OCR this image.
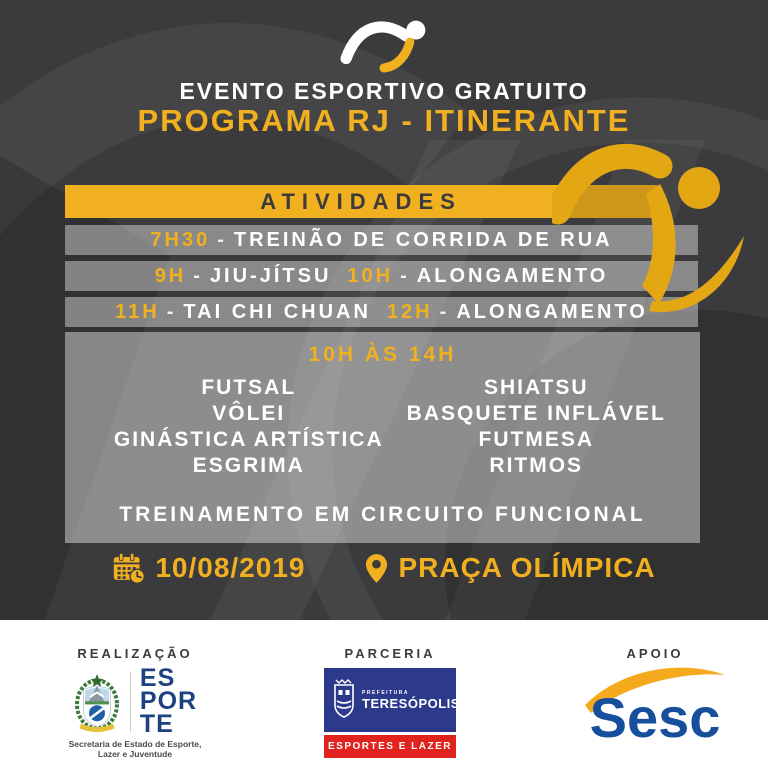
EVENTO ESPORTIVO GRATUITO
PROGRAMA RJ - ITINERANTE
ATIVIDADES
7H30 - TREINÃO DE CORRIDA DE RUA
9H - JIU-JÍTSU 10H - ALONGAMENTO
11H - TAI CHI CHUAN 12H - ALONGAMENTO

10H ÀS 14H

FUTSAL

VÔLEI

GINÁSTICA ARTÍSTICA

ESGRIMA

SHIATSU

BASQUETE INFLÁVEL

FUTMESA

RITMOS

TREINAMENTO EM CIRCUITO FUNCIONAL
10/08/2019	PRAÇA OLÍMPICA

REALIZAÇÃO

ES
POR
TE
Secretaria de Estado de Esporte,
Lazer e Juventude

PARCERIA

PREFEITURA
TERESÓPOLIS
ESPORTES E LAZER

APOIO

Sesc
